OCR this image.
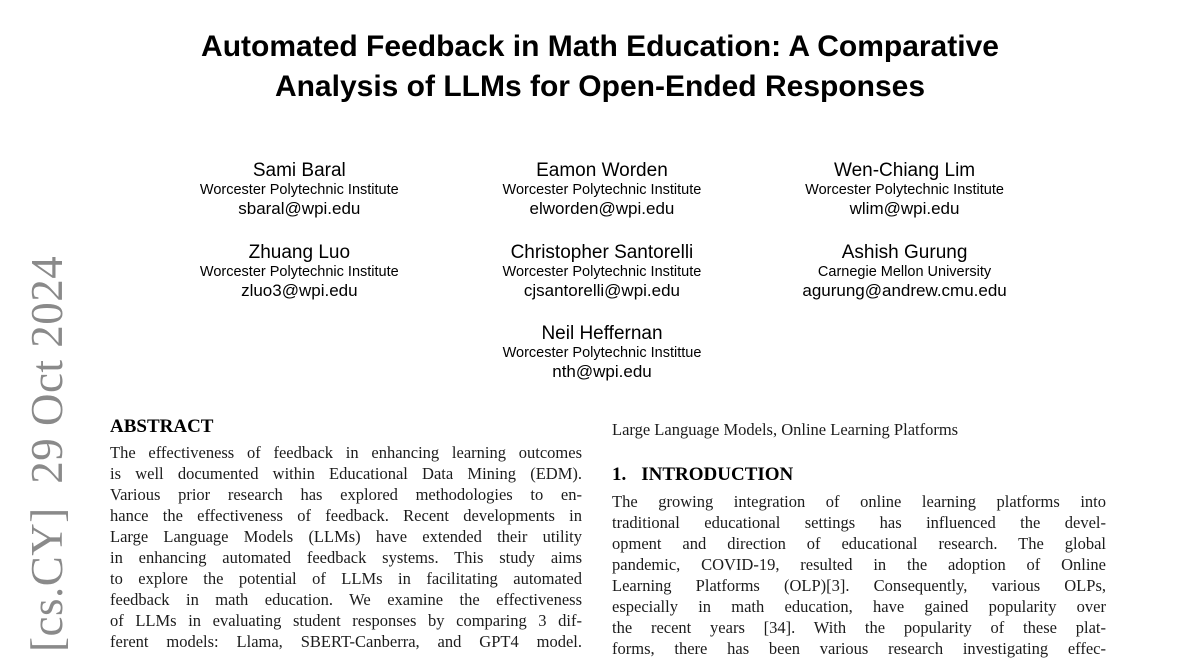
[cs.CY]  29 Oct 2024
Automated Feedback in Math Education: A Comparative
Analysis of LLMs for Open-Ended Responses
Sami Baral
Worcester Polytechnic Institute
sbaral@wpi.edu
Eamon Worden
Worcester Polytechnic Institute
elworden@wpi.edu
Wen-Chiang Lim
Worcester Polytechnic Institute
wlim@wpi.edu
Zhuang Luo
Worcester Polytechnic Institute
zluo3@wpi.edu
Christopher Santorelli
Worcester Polytechnic Institute
cjsantorelli@wpi.edu
Ashish Gurung
Carnegie Mellon University
agurung@andrew.cmu.edu
Neil Heffernan
Worcester Polytechnic Instittue
nth@wpi.edu
ABSTRACT
The effectiveness of feedback in enhancing learning outcomes
is well documented within Educational Data Mining (EDM).
Various prior research has explored methodologies to en-
hance the effectiveness of feedback. Recent developments in
Large Language Models (LLMs) have extended their utility
in enhancing automated feedback systems. This study aims
to explore the potential of LLMs in facilitating automated
feedback in math education. We examine the effectiveness
of LLMs in evaluating student responses by comparing 3 dif-
ferent models: Llama, SBERT-Canberra, and GPT4 model.
Large Language Models, Online Learning Platforms
1. INTRODUCTION
The growing integration of online learning platforms into
traditional educational settings has influenced the devel-
opment and direction of educational research. The global
pandemic, COVID-19, resulted in the adoption of Online
Learning Platforms (OLP)[3]. Consequently, various OLPs,
especially in math education, have gained popularity over
the recent years [34]. With the popularity of these plat-
forms, there has been various research investigating effec-
